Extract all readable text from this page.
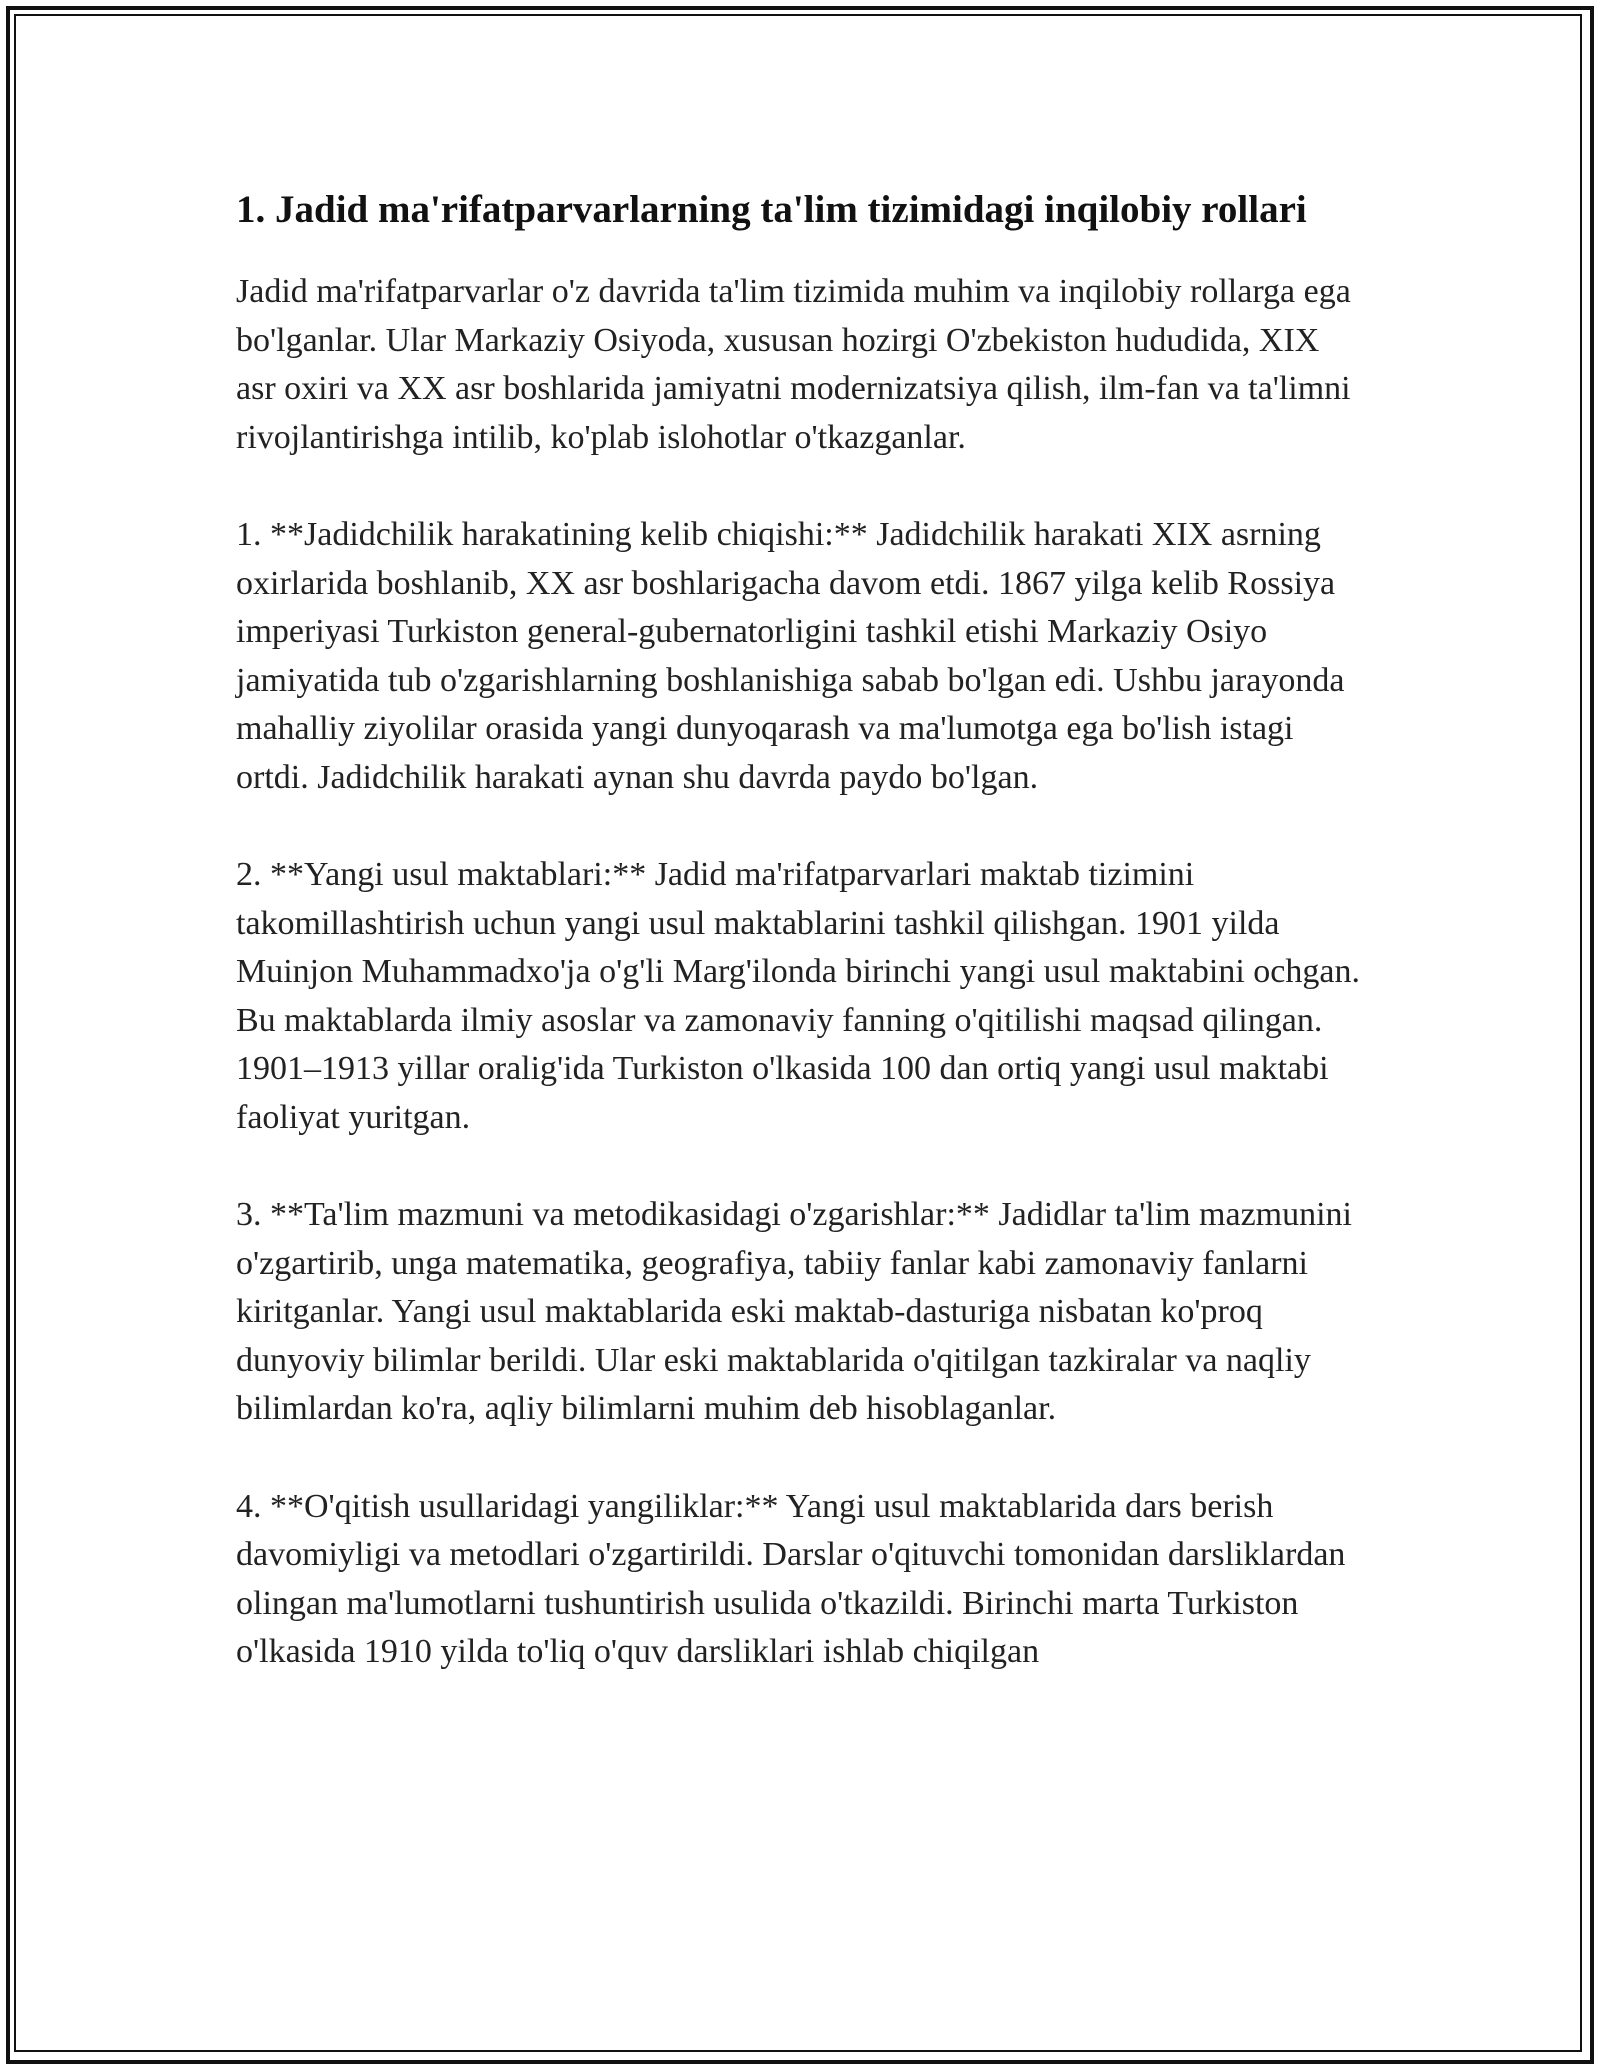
1. Jadid ma'rifatparvarlarning ta'lim tizimidagi inqilobiy rollari

Jadid ma'rifatparvarlar o'z davrida ta'lim tizimida muhim va inqilobiy rollarga ega bo'lganlar. Ular Markaziy Osiyoda, xususan hozirgi O'zbekiston hududida, XIX asr oxiri va XX asr boshlarida jamiyatni modernizatsiya qilish, ilm-fan va ta'limni rivojlantirishga intilib, ko'plab islohotlar o'tkazganlar.

1. **Jadidchilik harakatining kelib chiqishi:** Jadidchilik harakati XIX asrning oxirlarida boshlanib, XX asr boshlarigacha davom etdi. 1867 yilga kelib Rossiya imperiyasi Turkiston general-gubernatorligini tashkil etishi Markaziy Osiyo jamiyatida tub o'zgarishlarning boshlanishiga sabab bo'lgan edi. Ushbu jarayonda mahalliy ziyolilar orasida yangi dunyoqarash va ma'lumotga ega bo'lish istagi ortdi. Jadidchilik harakati aynan shu davrda paydo bo'lgan.

2. **Yangi usul maktablari:** Jadid ma'rifatparvarlari maktab tizimini takomillashtirish uchun yangi usul maktablarini tashkil qilishgan. 1901 yilda Muinjon Muhammadxo'ja o'g'li Marg'ilonda birinchi yangi usul maktabini ochgan. Bu maktablarda ilmiy asoslar va zamonaviy fanning o'qitilishi maqsad qilingan. 1901–1913 yillar oralig'ida Turkiston o'lkasida 100 dan ortiq yangi usul maktabi faoliyat yuritgan.

3. **Ta'lim mazmuni va metodikasidagi o'zgarishlar:** Jadidlar ta'lim mazmunini o'zgartirib, unga matematika, geografiya, tabiiy fanlar kabi zamonaviy fanlarni kiritganlar. Yangi usul maktablarida eski maktab-dasturiga nisbatan ko'proq dunyoviy bilimlar berildi. Ular eski maktablarida o'qitilgan tazkiralar va naqliy bilimlardan ko'ra, aqliy bilimlarni muhim deb hisoblaganlar.

4. **O'qitish usullaridagi yangiliklar:** Yangi usul maktablarida dars berish davomiyligi va metodlari o'zgartirildi. Darslar o'qituvchi tomonidan darsliklardan olingan ma'lumotlarni tushuntirish usulida o'tkazildi. Birinchi marta Turkiston o'lkasida 1910 yilda to'liq o'quv darsliklari ishlab chiqilgan
